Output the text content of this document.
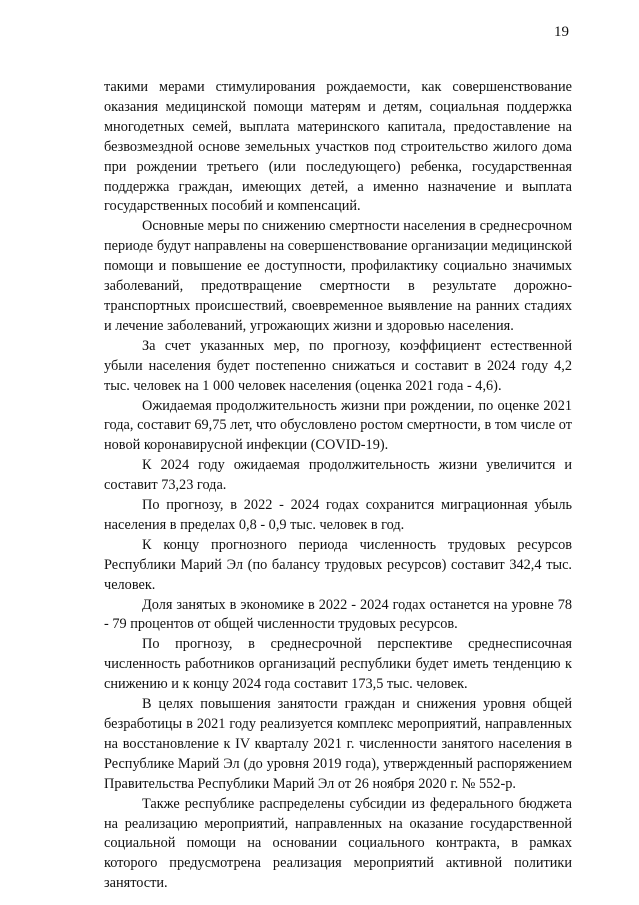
19

такими мерами стимулирования рождаемости, как совершенствование оказания медицинской помощи матерям и детям, социальная поддержка многодетных семей, выплата материнского капитала, предоставление на безвозмездной основе земельных участков под строительство жилого дома при рождении третьего (или последующего) ребенка, государственная поддержка граждан, имеющих детей, а именно назначение и выплата государственных пособий и компенсаций.

Основные меры по снижению смертности населения в среднесрочном периоде будут направлены на совершенствование организации медицинской помощи и повышение ее доступности, профилактику социально значимых заболеваний, предотвращение смертности в результате дорожно-транспортных происшествий, своевременное выявление на ранних стадиях и лечение заболеваний, угрожающих жизни и здоровью населения.

За счет указанных мер, по прогнозу, коэффициент естественной убыли населения будет постепенно снижаться и составит в 2024 году 4,2 тыс. человек на 1 000 человек населения (оценка 2021 года - 4,6).

Ожидаемая продолжительность жизни при рождении, по оценке 2021 года, составит 69,75 лет, что обусловлено ростом смертности, в том числе от новой коронавирусной инфекции (COVID-19).

К 2024 году ожидаемая продолжительность жизни увеличится и составит 73,23 года.

По прогнозу, в 2022 - 2024 годах сохранится миграционная убыль населения в пределах 0,8 - 0,9 тыс. человек в год.

К концу прогнозного периода численность трудовых ресурсов Республики Марий Эл (по балансу трудовых ресурсов) составит 342,4 тыс. человек.

Доля занятых в экономике в 2022 - 2024 годах останется на уровне 78 - 79 процентов от общей численности трудовых ресурсов.

По прогнозу, в среднесрочной перспективе среднесписочная численность работников организаций республики будет иметь тенденцию к снижению и к концу 2024 года составит 173,5 тыс. человек.

В целях повышения занятости граждан и снижения уровня общей безработицы в 2021 году реализуется комплекс мероприятий, направленных на восстановление к IV кварталу 2021 г. численности занятого населения в Республике Марий Эл (до уровня 2019 года), утвержденный распоряжением Правительства Республики Марий Эл от 26 ноября 2020 г. № 552-р.

Также республике распределены субсидии из федерального бюджета на реализацию мероприятий, направленных на оказание государственной социальной помощи на основании социального контракта, в рамках которого предусмотрена реализация мероприятий активной политики занятости.
